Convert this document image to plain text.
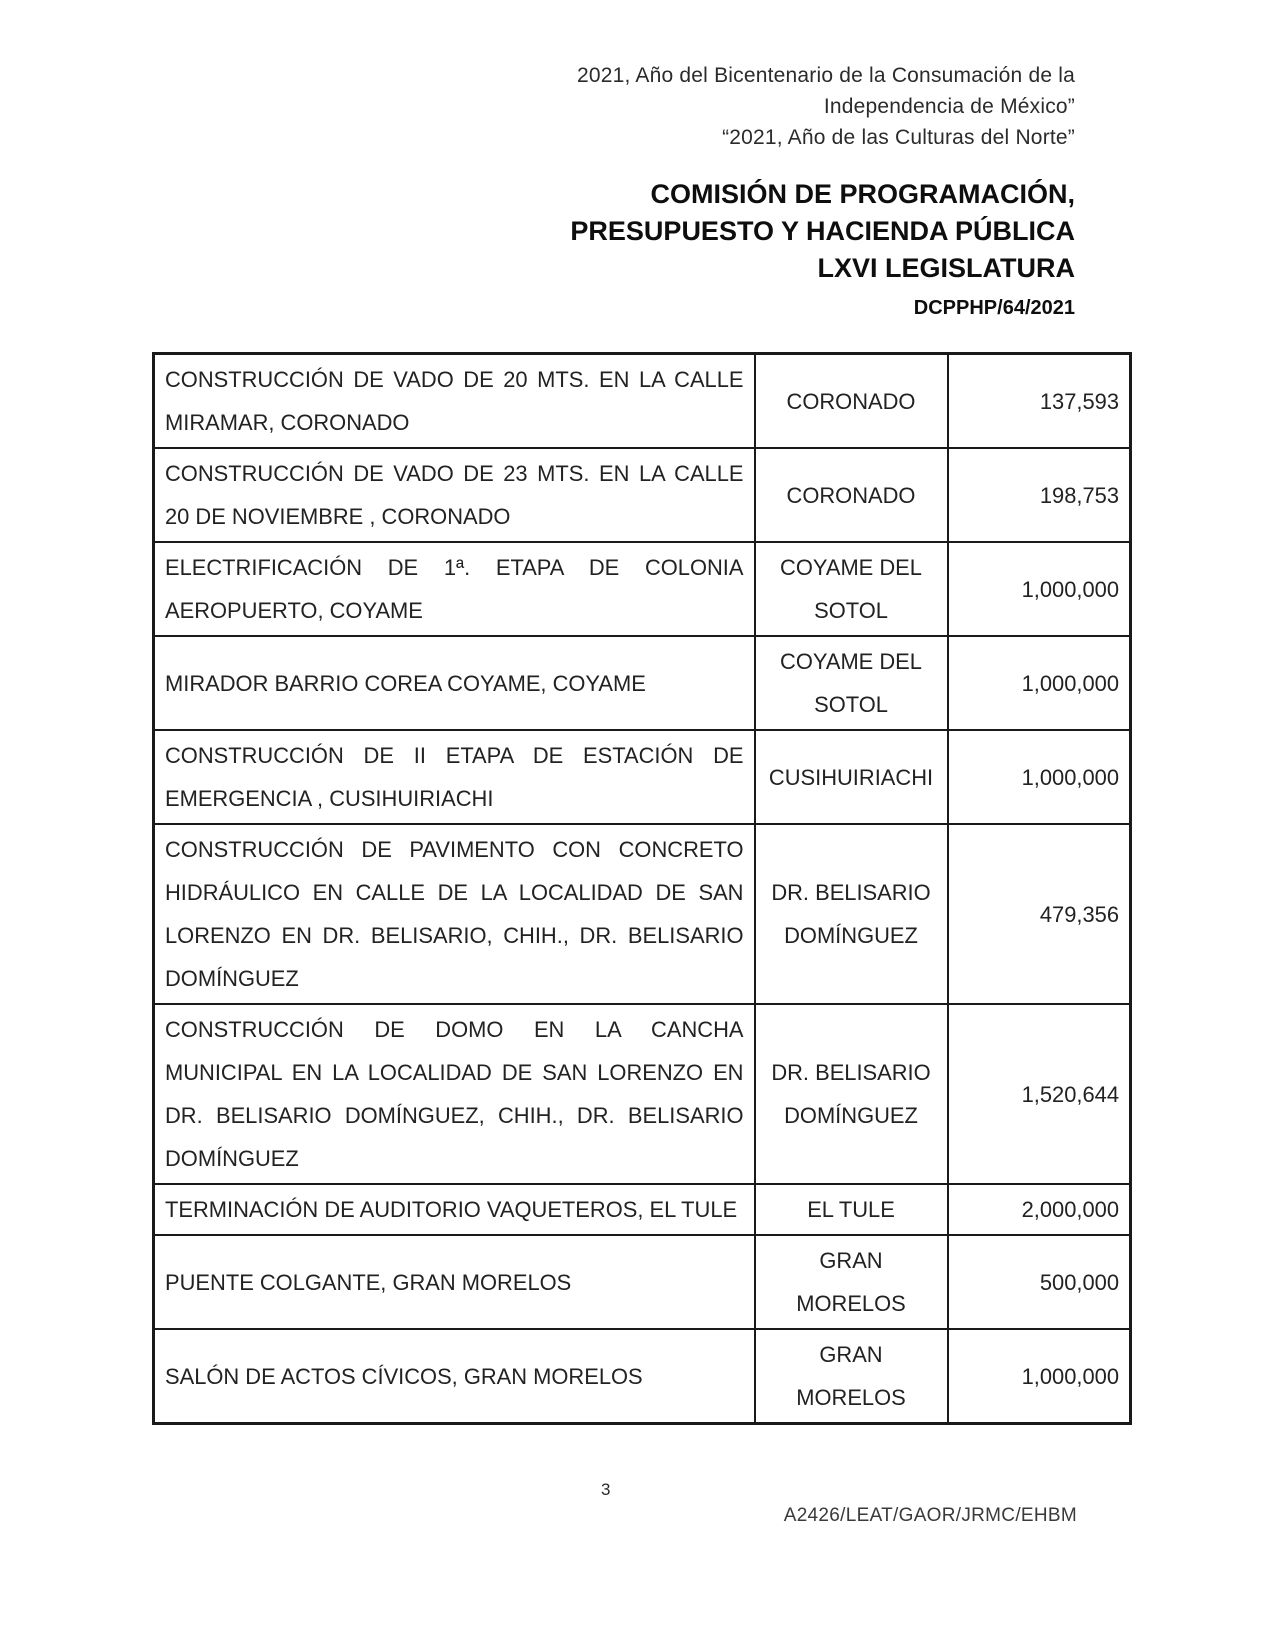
2021, Año del Bicentenario de la Consumación de la
Independencia de México”
“2021, Año de las Culturas del Norte”
COMISIÓN DE PROGRAMACIÓN,
PRESUPUESTO Y HACIENDA PÚBLICA
LXVI LEGISLATURA
DCPPHP/64/2021
CONSTRUCCIÓN DE VADO DE 20 MTS. EN LA CALLE MIRAMAR, CORONADO	CORONADO	137,593
CONSTRUCCIÓN DE VADO DE 23 MTS. EN LA CALLE 20 DE NOVIEMBRE , CORONADO	CORONADO	198,753
ELECTRIFICACIÓN DE 1ª. ETAPA DE COLONIA AEROPUERTO, COYAME	COYAME DEL SOTOL	1,000,000
MIRADOR BARRIO COREA COYAME, COYAME	COYAME DEL SOTOL	1,000,000
CONSTRUCCIÓN DE II ETAPA DE ESTACIÓN DE EMERGENCIA , CUSIHUIRIACHI	CUSIHUIRIACHI	1,000,000
CONSTRUCCIÓN DE PAVIMENTO CON CONCRETO HIDRÁULICO EN CALLE DE LA LOCALIDAD DE SAN LORENZO EN DR. BELISARIO, CHIH., DR. BELISARIO DOMÍNGUEZ	DR. BELISARIO DOMÍNGUEZ	479,356
CONSTRUCCIÓN DE DOMO EN LA CANCHA MUNICIPAL EN LA LOCALIDAD DE SAN LORENZO EN DR. BELISARIO DOMÍNGUEZ, CHIH., DR. BELISARIO DOMÍNGUEZ	DR. BELISARIO DOMÍNGUEZ	1,520,644
TERMINACIÓN DE AUDITORIO VAQUETEROS, EL TULE	EL TULE	2,000,000
PUENTE COLGANTE, GRAN MORELOS	GRAN MORELOS	500,000
SALÓN DE ACTOS CÍVICOS, GRAN MORELOS	GRAN MORELOS	1,000,000
3
A2426/LEAT/GAOR/JRMC/EHBM
